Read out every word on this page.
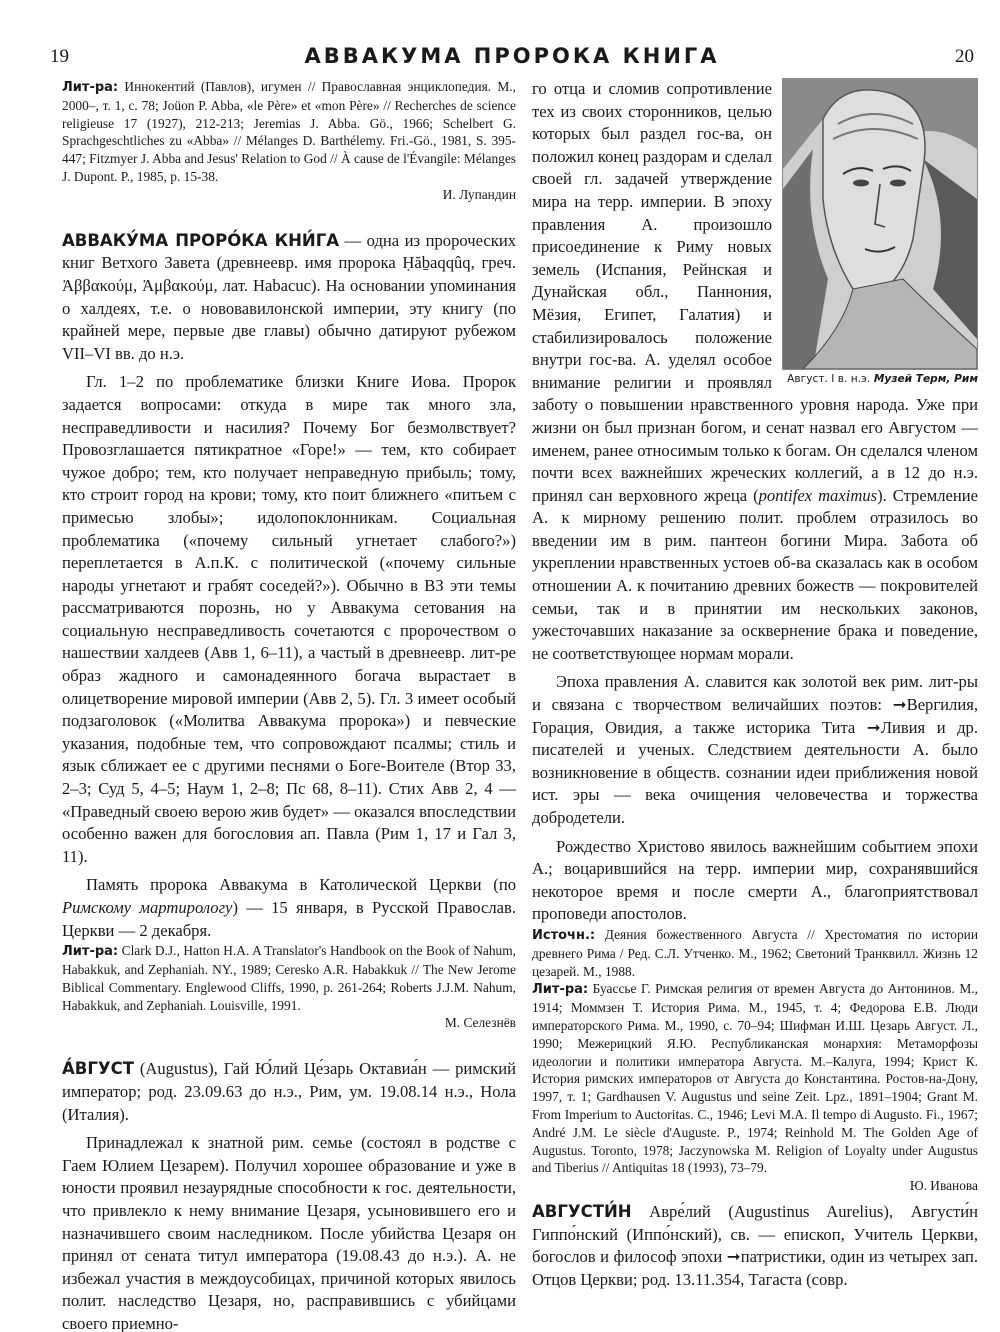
19	АВВАКУМА ПРОРОКА КНИГА	20

Лит-ра: Иннокентий (Павлов), игумен // Православная энциклопедия. М., 2000–, т. 1, с. 78; Joüon P. Abba, «le Père» et «mon Père» // Recherches de science religieuse 17 (1927), 212-213; Jeremias J. Abba. Gö., 1966; Schelbert G. Sprachgeschtliches zu «Abba» // Mélanges D. Barthélemy. Fri.-Gö., 1981, S. 395-447; Fitzmyer J. Abba and Jesus' Relation to God // À cause de l'Évangile: Mélanges J. Dupont. P., 1985, p. 15-38.

И. Лупандин

АВВАКУ́МА ПРОРО́КА КНИ́ГА — одна из пророческих книг Ветхого Завета (древнеевр. имя пророка Ḥăḇaqqûq, греч. Ἀββακούμ, Ἀμβακούμ, лат. Habacuc). На основании упоминания о халдеях, т.е. о нововавилонской империи, эту книгу (по крайней мере, первые две главы) обычно датируют рубежом VII–VI вв. до н.э.

Гл. 1–2 по проблематике близки Книге Иова. Пророк задается вопросами: откуда в мире так много зла, несправедливости и насилия? Почему Бог безмолвствует? Провозглашается пятикратное «Горе!» — тем, кто собирает чужое добро; тем, кто получает неправедную прибыль; тому, кто строит город на крови; тому, кто поит ближнего «питьем с примесью злобы»; идолопоклонникам. Социальная проблематика («почему сильный угнетает слабого?») переплетается в А.п.К. с политической («почему сильные народы угнетают и грабят соседей?»). Обычно в ВЗ эти темы рассматриваются порознь, но у Аввакума сетования на социальную несправедливость сочетаются с пророчеством о нашествии халдеев (Авв 1, 6–11), а частый в древнеевр. лит-ре образ жадного и самонадеянного богача вырастает в олицетворение мировой империи (Авв 2, 5). Гл. 3 имеет особый подзаголовок («Молитва Аввакума пророка») и певческие указания, подобные тем, что сопровождают псалмы; стиль и язык сближает ее с другими песнями о Боге-Воителе (Втор 33, 2–3; Суд 5, 4–5; Наум 1, 2–8; Пс 68, 8–11). Стих Авв 2, 4 — «Праведный своею верою жив будет» — оказался впоследствии особенно важен для богословия ап. Павла (Рим 1, 17 и Гал 3, 11).

Память пророка Аввакума в Католической Церкви (по Римскому мартирологу) — 15 января, в Русской Православ. Церкви — 2 декабря.

Лит-ра: Clark D.J., Hatton H.A. A Translator's Handbook on the Book of Nahum, Habakkuk, and Zephaniah. NY., 1989; Ceresko A.R. Habakkuk // The New Jerome Biblical Commentary. Englewood Cliffs, 1990, p. 261-264; Roberts J.J.M. Nahum, Habakkuk, and Zephaniah. Louisville, 1991.

М. Селезнёв

А́ВГУСТ (Augustus), Гай Ю́лий Це́зарь Октавиа́н — римский император; род. 23.09.63 до н.э., Рим, ум. 19.08.14 н.э., Нола (Италия).

Принадлежал к знатной рим. семье (состоял в родстве с Гаем Юлием Цезарем). Получил хорошее образование и уже в юности проявил незаурядные способности к гос. деятельности, что привлекло к нему внимание Цезаря, усыновившего его и назначившего своим наследником. После убийства Цезаря он принял от сената титул императора (19.08.43 до н.э.). А. не избежал участия в междоусобицах, причиной которых явилось полит. наследство Цезаря, но, расправившись с убийцами своего приемно-

Август. I в. н.э. Музей Терм, Рим

го отца и сломив сопротивление тех из своих сторонников, целью которых был раздел гос-ва, он положил конец раздорам и сделал своей гл. задачей утверждение мира на терр. империи. В эпоху правления А. произошло присоединение к Риму новых земель (Испания, Рейнская и Дунайская обл., Паннония, Мёзия, Египет, Галатия) и стабилизировалось положение внутри гос-ва. А. уделял особое внимание религии и проявлял заботу о повышении нравственного уровня народа. Уже при жизни он был признан богом, и сенат назвал его Августом — именем, ранее относимым только к богам. Он сделался членом почти всех важнейших жреческих коллегий, а в 12 до н.э. принял сан верховного жреца (pontifex maximus). Стремление А. к мирному решению полит. проблем отразилось во введении им в рим. пантеон богини Мира. Забота об укреплении нравственных устоев об-ва сказалась как в особом отношении А. к почитанию древних божеств — покровителей семьи, так и в принятии им нескольких законов, ужесточавших наказание за осквернение брака и поведение, не соответствующее нормам морали.

Эпоха правления А. славится как золотой век рим. лит-ры и связана с творчеством величайших поэтов: ➞Вергилия, Горация, Овидия, а также историка Тита ➞Ливия и др. писателей и ученых. Следствием деятельности А. было возникновение в обществ. сознании идеи приближения новой ист. эры — века очищения человечества и торжества добродетели.

Рождество Христово явилось важнейшим событием эпохи А.; воцарившийся на терр. империи мир, сохранявшийся некоторое время и после смерти А., благоприятствовал проповеди апостолов.

Источн.: Деяния божественного Августа // Хрестоматия по истории древнего Рима / Ред. С.Л. Утченко. М., 1962; Светоний Транквилл. Жизнь 12 цезарей. М., 1988.

Лит-ра: Буассье Г. Римская религия от времен Августа до Антонинов. М., 1914; Моммзен Т. История Рима. М., 1945, т. 4; Федорова Е.В. Люди императорского Рима. М., 1990, с. 70–94; Шифман И.Ш. Цезарь Август. Л., 1990; Межерицкий Я.Ю. Республиканская монархия: Метаморфозы идеологии и политики императора Августа. М.–Калуга, 1994; Крист К. История римских императоров от Августа до Константина. Ростов-на-Дону, 1997, т. 1; Gardhausen V. Augustus und seine Zeit. Lpz., 1891–1904; Grant M. From Imperium to Auctoritas. C., 1946; Levi M.A. Il tempo di Augusto. Fi., 1967; André J.M. Le siècle d'Auguste. P., 1974; Reinhold M. The Golden Age of Augustus. Toronto, 1978; Jaczynowska M. Religion of Loyalty under Augustus and Tiberius // Antiquitas 18 (1993), 73–79.

Ю. Иванова

АВГУСТИ́Н Авре́лий (Augustinus Aurelius), Августи́н Гиппо́нский (Иппо́нский), св. — епископ, Учитель Церкви, богослов и философ эпохи ➞патристики, один из четырех зап. Отцов Церкви; род. 13.11.354, Тагаста (совр.
